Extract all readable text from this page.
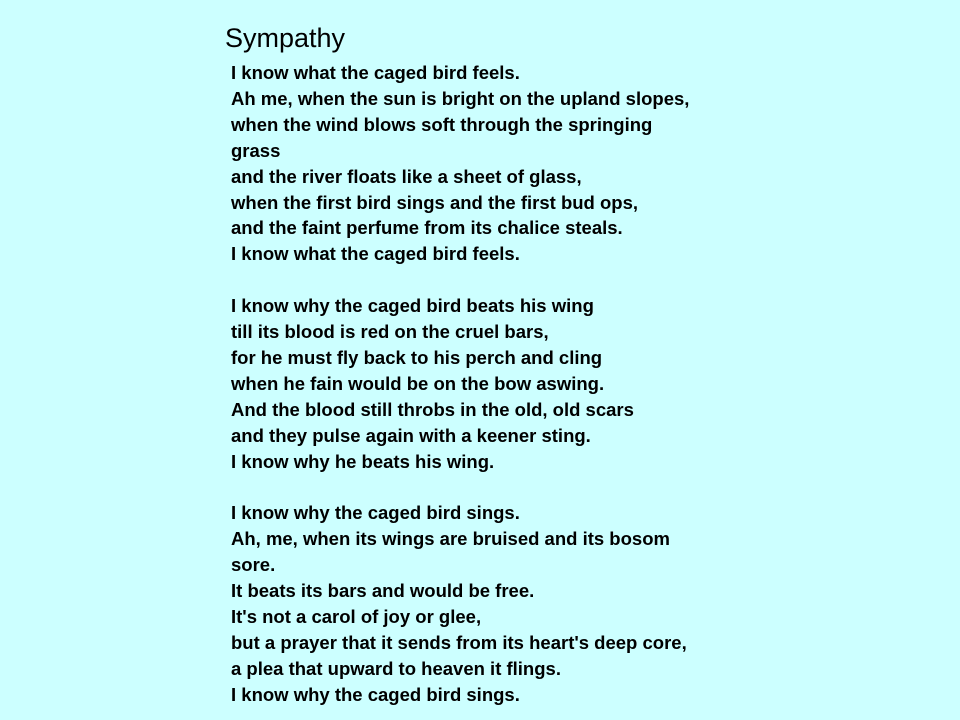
Sympathy
I know what the caged bird feels.
Ah me, when the sun is bright on the upland slopes,
when the wind blows soft through the springing
grass
and the river floats like a sheet of glass,
when the first bird sings and the first bud ops,
and the faint perfume from its chalice steals.
I know what the caged bird feels.
I know why the caged bird beats his wing
till its blood is red on the cruel bars,
for he must fly back to his perch and cling
when he fain would be on the bow aswing.
And the blood still throbs in the old, old scars
and they pulse again with a keener sting.
I know why he beats his wing.
I know why the caged bird sings.
Ah, me, when its wings are bruised and its bosom
sore.
It beats its bars and would be free.
It's not a carol of joy or glee,
but a prayer that it sends from its heart's deep core,
a plea that upward to heaven it flings.
I know why the caged bird sings.
